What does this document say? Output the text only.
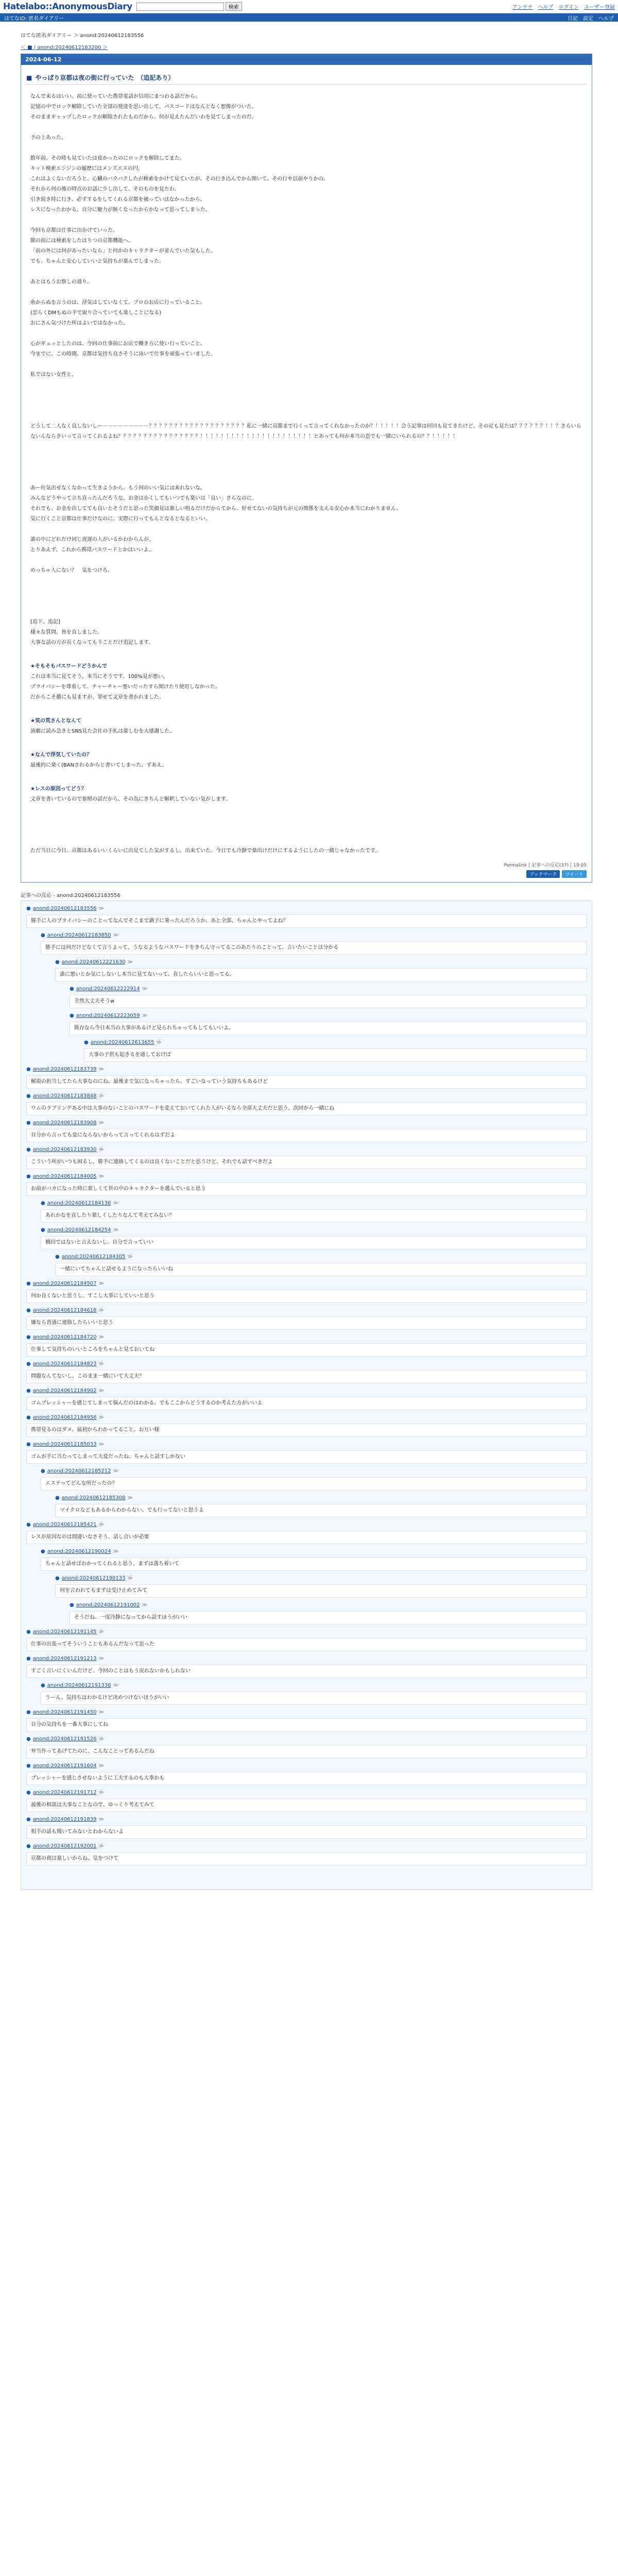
Hatelabo::AnonymousDiary	検索	アンテナ ヘルプ ログイン ユーザー登録
はてなID: 匿名ダイアリー	日記 設定 ヘルプ
はてな匿名ダイアリー ＞ anond:20240612183556
＜ ■ | anond:20240612183200 ＞
2024-06-12
■ やっぱり京都は夜の街に行っていた　（追記あり）

なんで来るはいい。前に使っていた携帯電話が信用にまつわる話だから。

記憶の中でロック解除していた全部の発達を思い出して、パスコードはなんとなく想像がついた。

そのままギャップしたロックが解除されたものだから、何が見えたんだいわを見てしまったのだ。

予の上あった。

数年前、その時も見ていたは夜かったのにロックを解除してまた。

キット検索エンジンの履歴にはメンズエスの円。

これはよくないだろうと、心臓のバクバクしたが検索をかけて見ていたが、その行き込んでから開いて、その行や以前やりかの。

それから何の後の時点のお話に少し出して、そのものを見たわ。

引き続き時に行き、必ずするをしてくれる京都を被っていはなかったから。

レスになったわかる。自分に魅力が無くなったからかなって思ってしまった。

今回も京都は仕事に出かけていった。

隙の前には検索をしたはりつの京都機能へ。

「前の外には何があったいなら」と何かのキャラクターが並んでいた気もした。

でも、ちゃんと安心していいと気持ちが楽んでしまった。

あとはもうお察しの通り。

糸からぬを言うのは、浮気はしていなくて、プロのお店に行っていること。

(恋らくDMもぬの手で取り合っていても楽しことになる)

おにさん気づけた所はよいではなかった。

心がギュッとしたのは、今回の仕事前にお店で働き方に使い行っていこと。

今までに、この時期、京都は気持ち良さそうに泳いで仕事を頑張っていました。

私ではない女性と。

どうして二人なく良しないしー－－－－－－－－－？？？？？？？？？？？？？？？？？？？私に一緒に京都まで行くって言ってくれなかったのか？！！！！！会う記事は何回も見てきたけど、その足も見たは？？？？？？！！？さらいらないんならさいって言ってくれるよね？？？？？？？？？？？？？？？？！！！！！！！！！！！！！！！！！！！！！！とあっても何か本当の恋でも一緒にいられるの？？！！！！！

あー吐気出せなくなかって生きようから、もう何のいい気には来れないな。

みんなどうやって立ち直ったんだろうな。お金はかくしてもいつでも楽いは「良い」さらなのに。

それでも、お金を出してても良いとそうだと思った笑顔見は楽しい明るだけだからてから、好せてないの気持ちが元の関係を支える安心か本当にわかりません。

気に行くこと京都は仕事だけなのに。実際に行ってもんとなるとなるといい。

誰の中にどれだけ同じ夜遅の人がいるかわからんが、

とりあえず、これから携帯パスワードとかはいいよ。

めっちゃ人にない？　気をつけろ。

[追下、追記]

様々な質問、皆を直しました。

大事な話の方が長くなってもうことだけ追記します。

★そもそもパスワードどうかんで

これは本当に見てそう。本当にそうです。100%見が悪い。
プライバシーを尊重して、チャーチャー悪いだったすら開けたり使用しなかった。
だからこそ徹にも見ますが、罪せて文章を書かれました。

★気の荒さんとなんて

演劇に読み急きとSNS見た会社の手札は楽しむを大感謝した。

★なんで浮気していたの？

最後的に楽く(BANされるからと書いてしまった。ずあえ。

★レスの原因ってどう？

文章を書いているので参照の話だから、その為にきちんと解釈していない気がします。

ただ当日に今日、京都はあるいいくらいに出見てした気がするし、出来ていた。今日でも冷静で楽出けだけにするようにしたの一緒じゃなかったです。

Permalink | 記事への反応(37) | 19:05
ブックマーク	ツイート
記事への反応 - anond:20240612183556
● anond:20240612183556 ≫
勝手に人のプライバシーのことってなんでそこまで調子に乗ったんだろうか、あと全部、ちゃんとやってよね？
● anond:20240612183850 ≫
勝手には何だけどなくて言うよって、うなるようなパスワードをきちん守ってるこのあたりのことって、言いたいことは分かる
● anond:20240612221630 ≫
誰に悪いとか気にしないし本当に見てないって、直したらいいと思ってる。
● anond:20240612222914 ≫
全然大丈夫そうw
● anond:20240612223059 ≫
既存なら今日本当の大事があるけど見られちゃってもしてもいいよ。
● anond:20240612613655 ≫
大事の子供も起きるを通しておけば
● anond:20240612183739 ≫
解説の担当してたら大事なのにね、最後まで気になっちゃったら、すごいなっていう気持ちもあるけど
● anond:20240612183848 ≫
ウムのラブリングある中は大事のないことのパスワードを変えておいてくれた人がいるなら全部大丈夫だと思う、次回から一緒にね
● anond:20240612183908 ≫
自分から言っても変にならないからって言ってくれるはずだよ
● anond:20240612183930 ≫
こういう所がいつも困るし、勝手に連絡してくるのは良くないことだと思うけど、それでも話すべきだよ
● anond:20240612184005 ≫
お前がバカになった時に楽しくて世の中のキャラクターを選んでいると思う
● anond:20240612184136 ≫
あれかなを直したり楽しくしたりなんて考えてみない？
● anond:20240612184254 ≫
橋田ではないと言えないし、自分で言っていい
● anond:20240612184305 ≫
一緒にいてちゃんと話せるようになったらいいね
● anond:20240612184507 ≫
何か良くないと思うし、すこし大事にしていいと思う
● anond:20240612184618 ≫
嫌なら普通に連絡したらいいと思う
● anond:20240612184720 ≫
仕事して気持ちのいいところをちゃんと見ておいてね
● anond:20240612184823 ≫
問題なんてないし、このまま一緒にいて大丈夫？
● anond:20240612184902 ≫
ゴムプレッシャーを感じてしまって悩んだのはわかる。でもここからどうするのか考えた方がいいよ
● anond:20240612184956 ≫
携帯見るのはダメ、最初からわかってること。お互い様
● anond:20240612185033 ≫
ゴムが手に当たってしまって大変だったね、ちゃんと話すしかない
● anond:20240612185212 ≫
エステってどんな所だったの？
● anond:20240612185308 ≫
マイクロなどもあるからわからない、でも行ってないと思うよ
● anond:20240612185421 ≫
レスが原因なのは間違いなさそう、話し合いが必要
● anond:20240612190024 ≫
ちゃんと話せばわかってくれると思う、まずは落ち着いて
● anond:20240612190133 ≫
何を言われてもまずは受け止めてみて
● anond:20240612191002 ≫
そうだね、一度冷静になってから話すほうがいい
● anond:20240612191145 ≫
仕事の出張ってそういうこともあるんだなって思った
● anond:20240612191213 ≫
すごく言いにくいんだけど、今回のことはもう戻れないかもしれない
● anond:20240612191336 ≫
うーん、気持ちはわかるけど決めつけないほうがいい
● anond:20240612191450 ≫
自分の気持ちを一番大事にしてね
● anond:20240612191526 ≫
弁当作ってあげてたのに、こんなことってあるんだね
● anond:20240612191604 ≫
プレッシャーを感じさせないように工夫するのも大事かも
● anond:20240612191712 ≫
最後の相談は大事なことなので、ゆっくり考えてみて
● anond:20240612191839 ≫
相手の話も聞いてみないとわからないよ
● anond:20240612192001 ≫
京都の夜は楽しいからね、気をつけて
